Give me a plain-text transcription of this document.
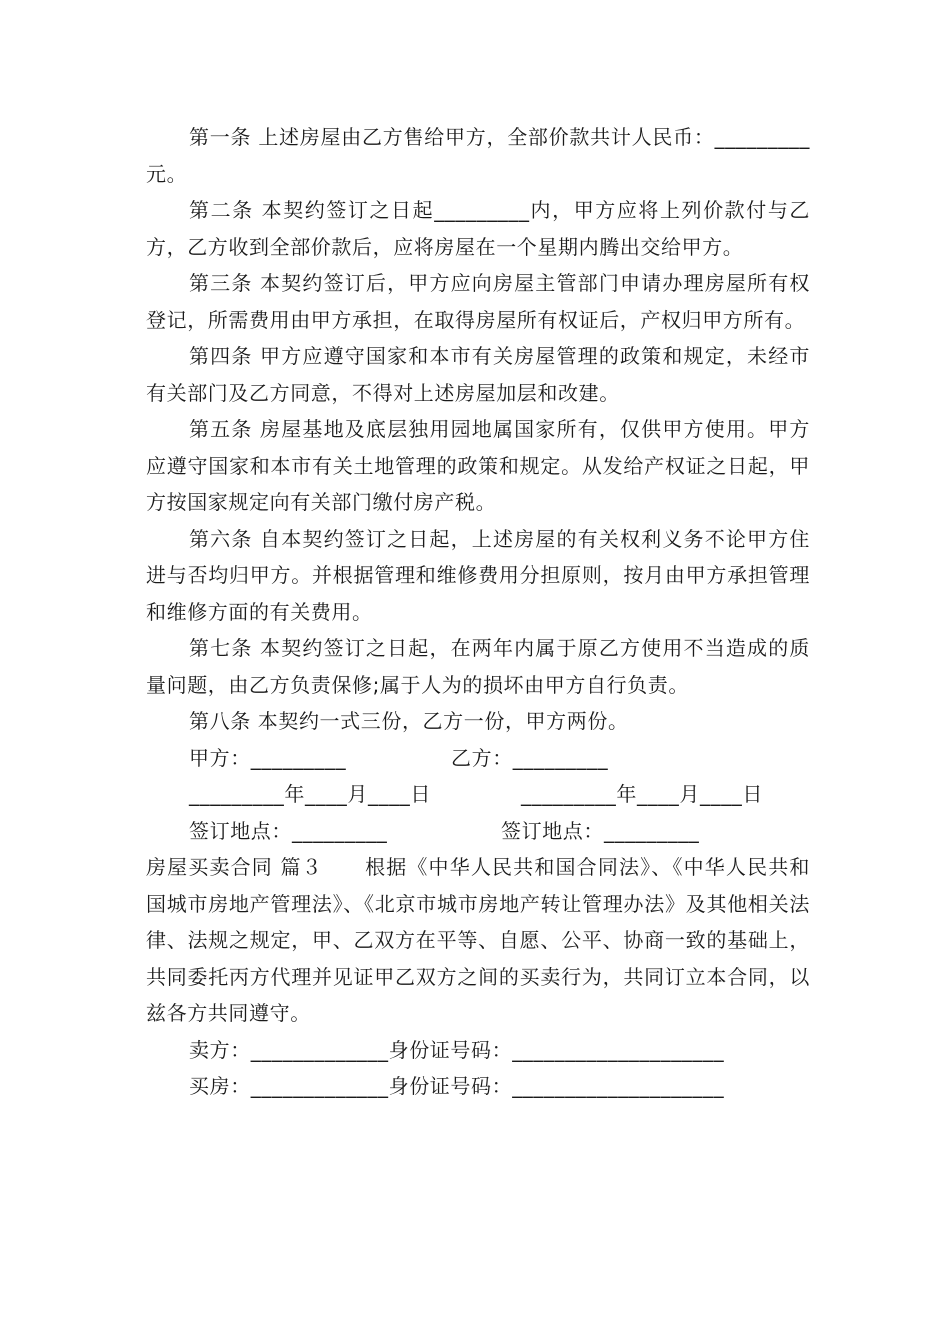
第一条 上述房屋由乙方售给甲方，全部价款共计人民币：_________元。

第二条 本契约签订之日起_________内，甲方应将上列价款付与乙方，乙方收到全部价款后，应将房屋在一个星期内腾出交给甲方。

第三条 本契约签订后，甲方应向房屋主管部门申请办理房屋所有权登记，所需费用由甲方承担，在取得房屋所有权证后，产权归甲方所有。

第四条 甲方应遵守国家和本市有关房屋管理的政策和规定，未经市有关部门及乙方同意，不得对上述房屋加层和改建。

第五条 房屋基地及底层独用园地属国家所有，仅供甲方使用。甲方应遵守国家和本市有关土地管理的政策和规定。从发给产权证之日起，甲方按国家规定向有关部门缴付房产税。

第六条 自本契约签订之日起，上述房屋的有关权利义务不论甲方住进与否均归甲方。并根据管理和维修费用分担原则，按月由甲方承担管理和维修方面的有关费用。

第七条 本契约签订之日起，在两年内属于原乙方使用不当造成的质量问题，由乙方负责保修;属于人为的损坏由甲方自行负责。

第八条 本契约一式三份，乙方一份，甲方两份。

甲方：_________	乙方：_________
_________年____月____日	_________年____月____日
签订地点：_________	签订地点：_________

房屋买卖合同 篇３　　根据《中华人民共和国合同法》、《中华人民共和国城市房地产管理法》、《北京市城市房地产转让管理办法》及其他相关法律、法规之规定，甲、乙双方在平等、自愿、公平、协商一致的基础上，共同委托丙方代理并见证甲乙双方之间的买卖行为，共同订立本合同，以兹各方共同遵守。

卖方：_____________身份证号码：____________________
买房：_____________身份证号码：____________________
